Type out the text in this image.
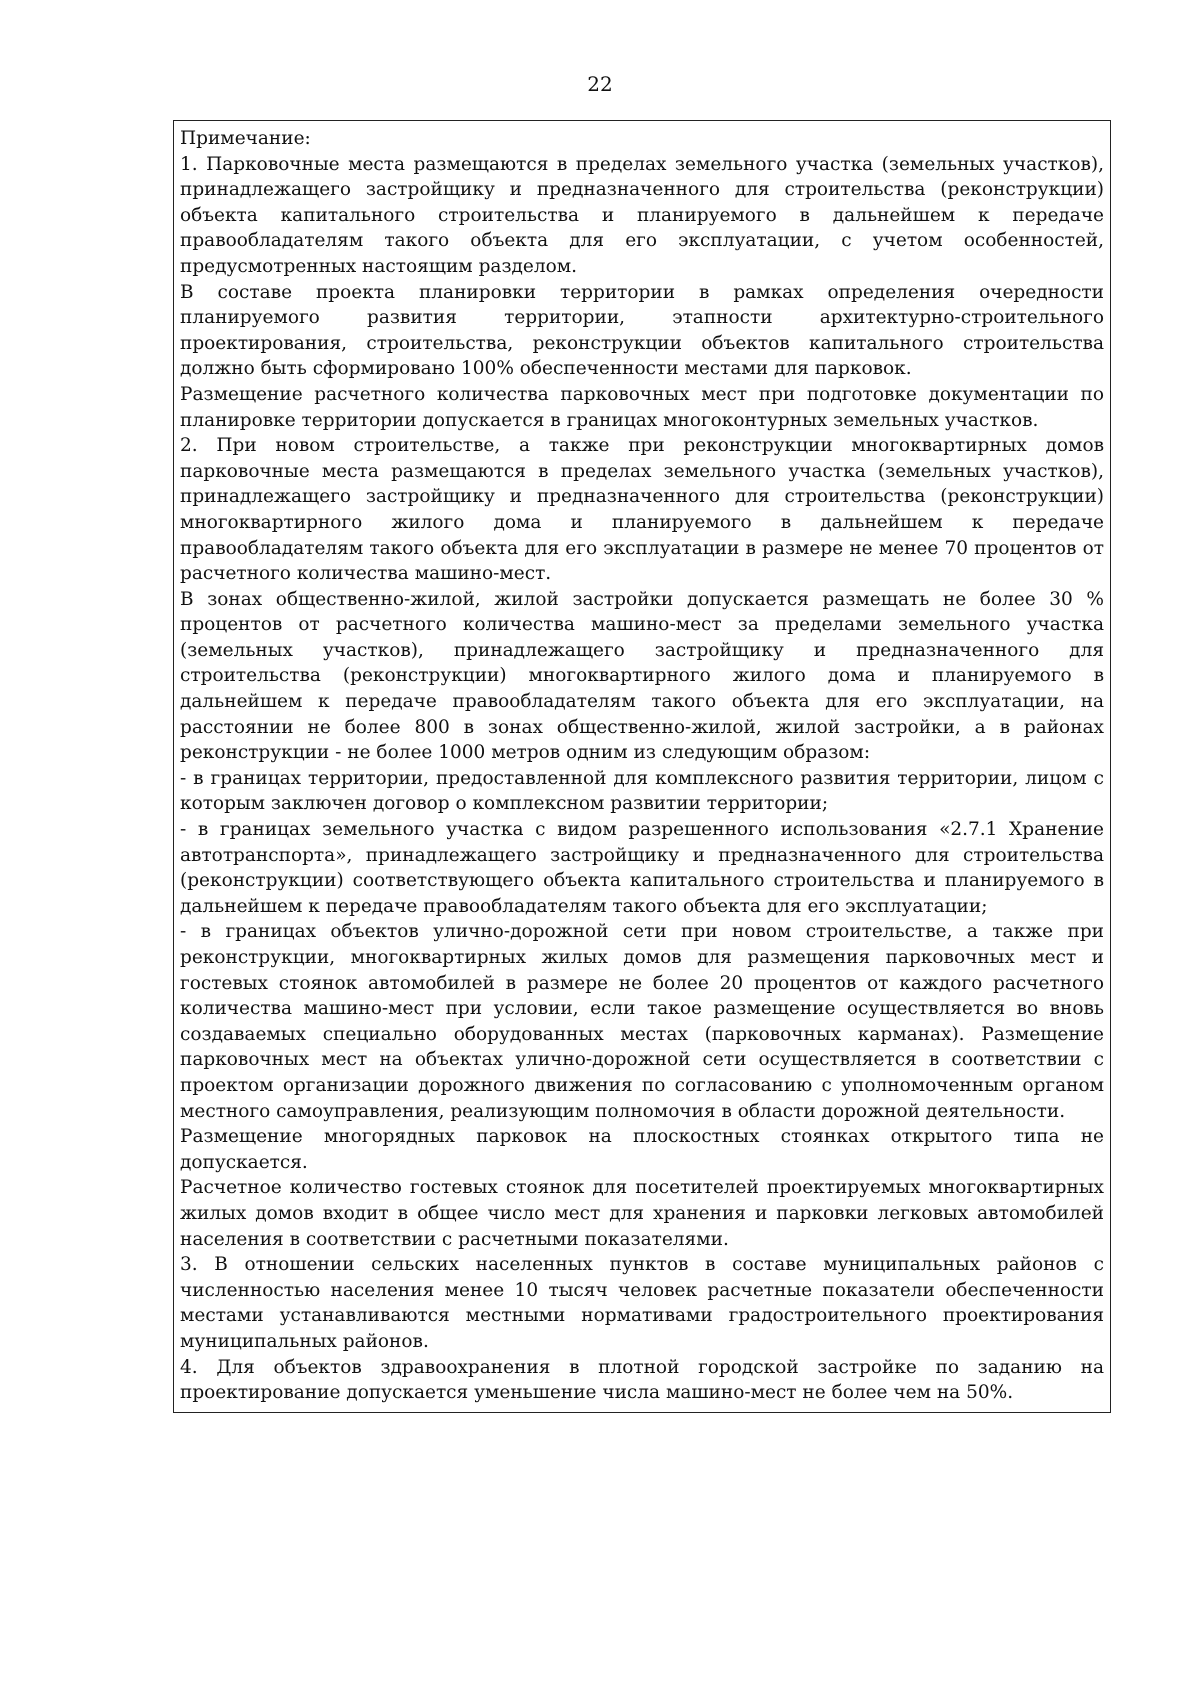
22

Примечание:

1. Парковочные места размещаются в пределах земельного участка (земельных участков), принадлежащего застройщику и предназначенного для строительства (реконструкции) объекта капитального строительства и планируемого в дальнейшем к передаче правообладателям такого объекта для его эксплуатации, с учетом особенностей, предусмотренных настоящим разделом.

В составе проекта планировки территории в рамках определения очередности планируемого развития территории, этапности архитектурно-строительного проектирования, строительства, реконструкции объектов капитального строительства должно быть сформировано 100% обеспеченности местами для парковок.

Размещение расчетного количества парковочных мест при подготовке документации по планировке территории допускается в границах многоконтурных земельных участков.

2. При новом строительстве, а также при реконструкции многоквартирных домов парковочные места размещаются в пределах земельного участка (земельных участков), принадлежащего застройщику и предназначенного для строительства (реконструкции) многоквартирного жилого дома и планируемого в дальнейшем к передаче правообладателям такого объекта для его эксплуатации в размере не менее 70 процентов от расчетного количества машино-мест.

В зонах общественно-жилой, жилой застройки допускается размещать не более 30 % процентов от расчетного количества машино-мест за пределами земельного участка (земельных участков), принадлежащего застройщику и предназначенного для строительства (реконструкции) многоквартирного жилого дома и планируемого в дальнейшем к передаче правообладателям такого объекта для его эксплуатации, на расстоянии не более 800 в зонах общественно-жилой, жилой застройки, а в районах реконструкции - не более 1000 метров одним из следующим образом:

- в границах территории, предоставленной для комплексного развития территории, лицом с которым заключен договор о комплексном развитии территории;

- в границах земельного участка с видом разрешенного использования «2.7.1 Хранение автотранспорта», принадлежащего застройщику и предназначенного для строительства (реконструкции) соответствующего объекта капитального строительства и планируемого в дальнейшем к передаче правообладателям такого объекта для его эксплуатации;

- в границах объектов улично-дорожной сети при новом строительстве, а также при реконструкции, многоквартирных жилых домов для размещения парковочных мест и гостевых стоянок автомобилей в размере не более 20 процентов от каждого расчетного количества машино-мест при условии, если такое размещение осуществляется во вновь создаваемых специально оборудованных местах (парковочных карманах). Размещение парковочных мест на объектах улично-дорожной сети осуществляется в соответствии с проектом организации дорожного движения по согласованию с уполномоченным органом местного самоуправления, реализующим полномочия в области дорожной деятельности.

Размещение многорядных парковок на плоскостных стоянках открытого типа не допускается.

Расчетное количество гостевых стоянок для посетителей проектируемых многоквартирных жилых домов входит в общее число мест для хранения и парковки легковых автомобилей населения в соответствии с расчетными показателями.

3. В отношении сельских населенных пунктов в составе муниципальных районов с численностью населения менее 10 тысяч человек расчетные показатели обеспеченности местами устанавливаются местными нормативами градостроительного проектирования муниципальных районов.

4. Для объектов здравоохранения в плотной городской застройке по заданию на проектирование допускается уменьшение числа машино-мест не более чем на 50%.
